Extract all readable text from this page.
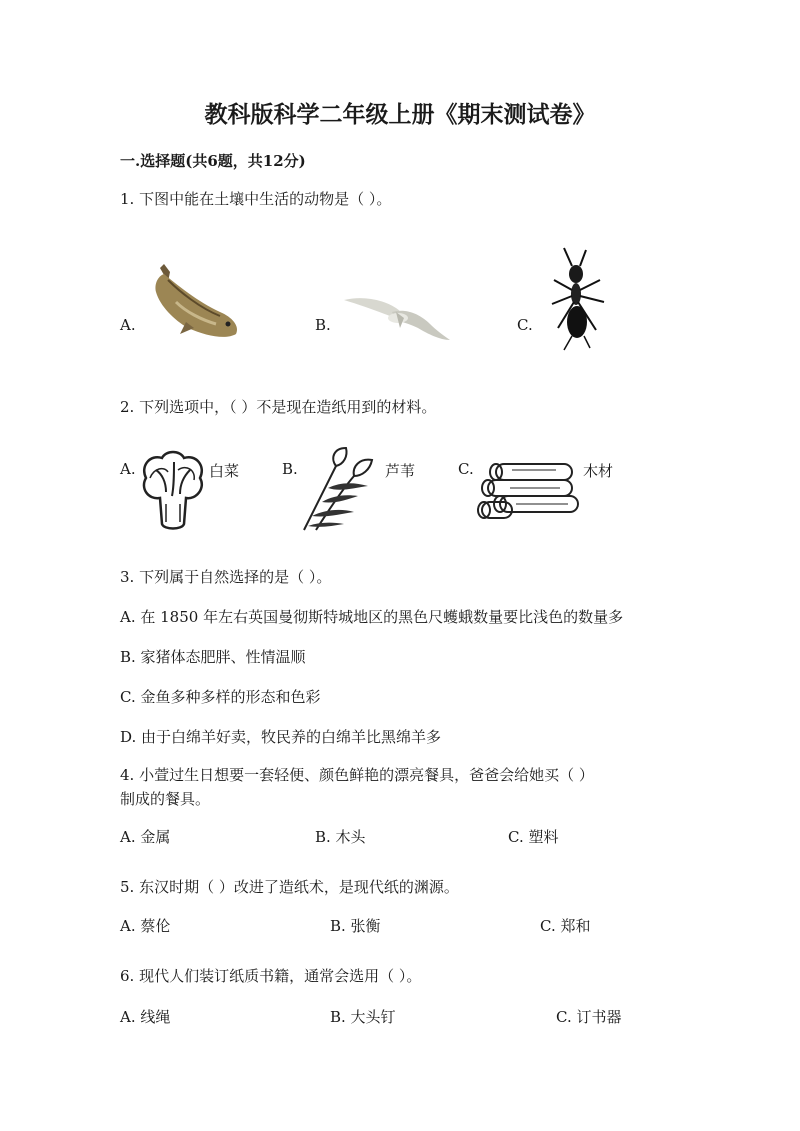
教科版科学二年级上册《期末测试卷》
一.选择题(共6题，共12分)
1. 下图中能在土壤中生活的动物是（ ）。
A.	B.	C.
2. 下列选项中，（ ）不是现在造纸用到的材料。
A.	白菜	B.	芦苇	C.	木材
3. 下列属于自然选择的是（ ）。
A. 在 1850 年左右英国曼彻斯特城地区的黑色尺蠖蛾数量要比浅色的数量多
B. 家猪体态肥胖、性情温顺
C. 金鱼多种多样的形态和色彩
D. 由于白绵羊好卖，牧民养的白绵羊比黑绵羊多
4. 小萱过生日想要一套轻便、颜色鲜艳的漂亮餐具，爸爸会给她买（ ）
制成的餐具。
A. 金属	B. 木头	C. 塑料
5. 东汉时期（ ）改进了造纸术，是现代纸的渊源。
A. 蔡伦	B. 张衡	C. 郑和
6. 现代人们装订纸质书籍，通常会选用（ ）。
A. 线绳	B. 大头钉	C. 订书器
